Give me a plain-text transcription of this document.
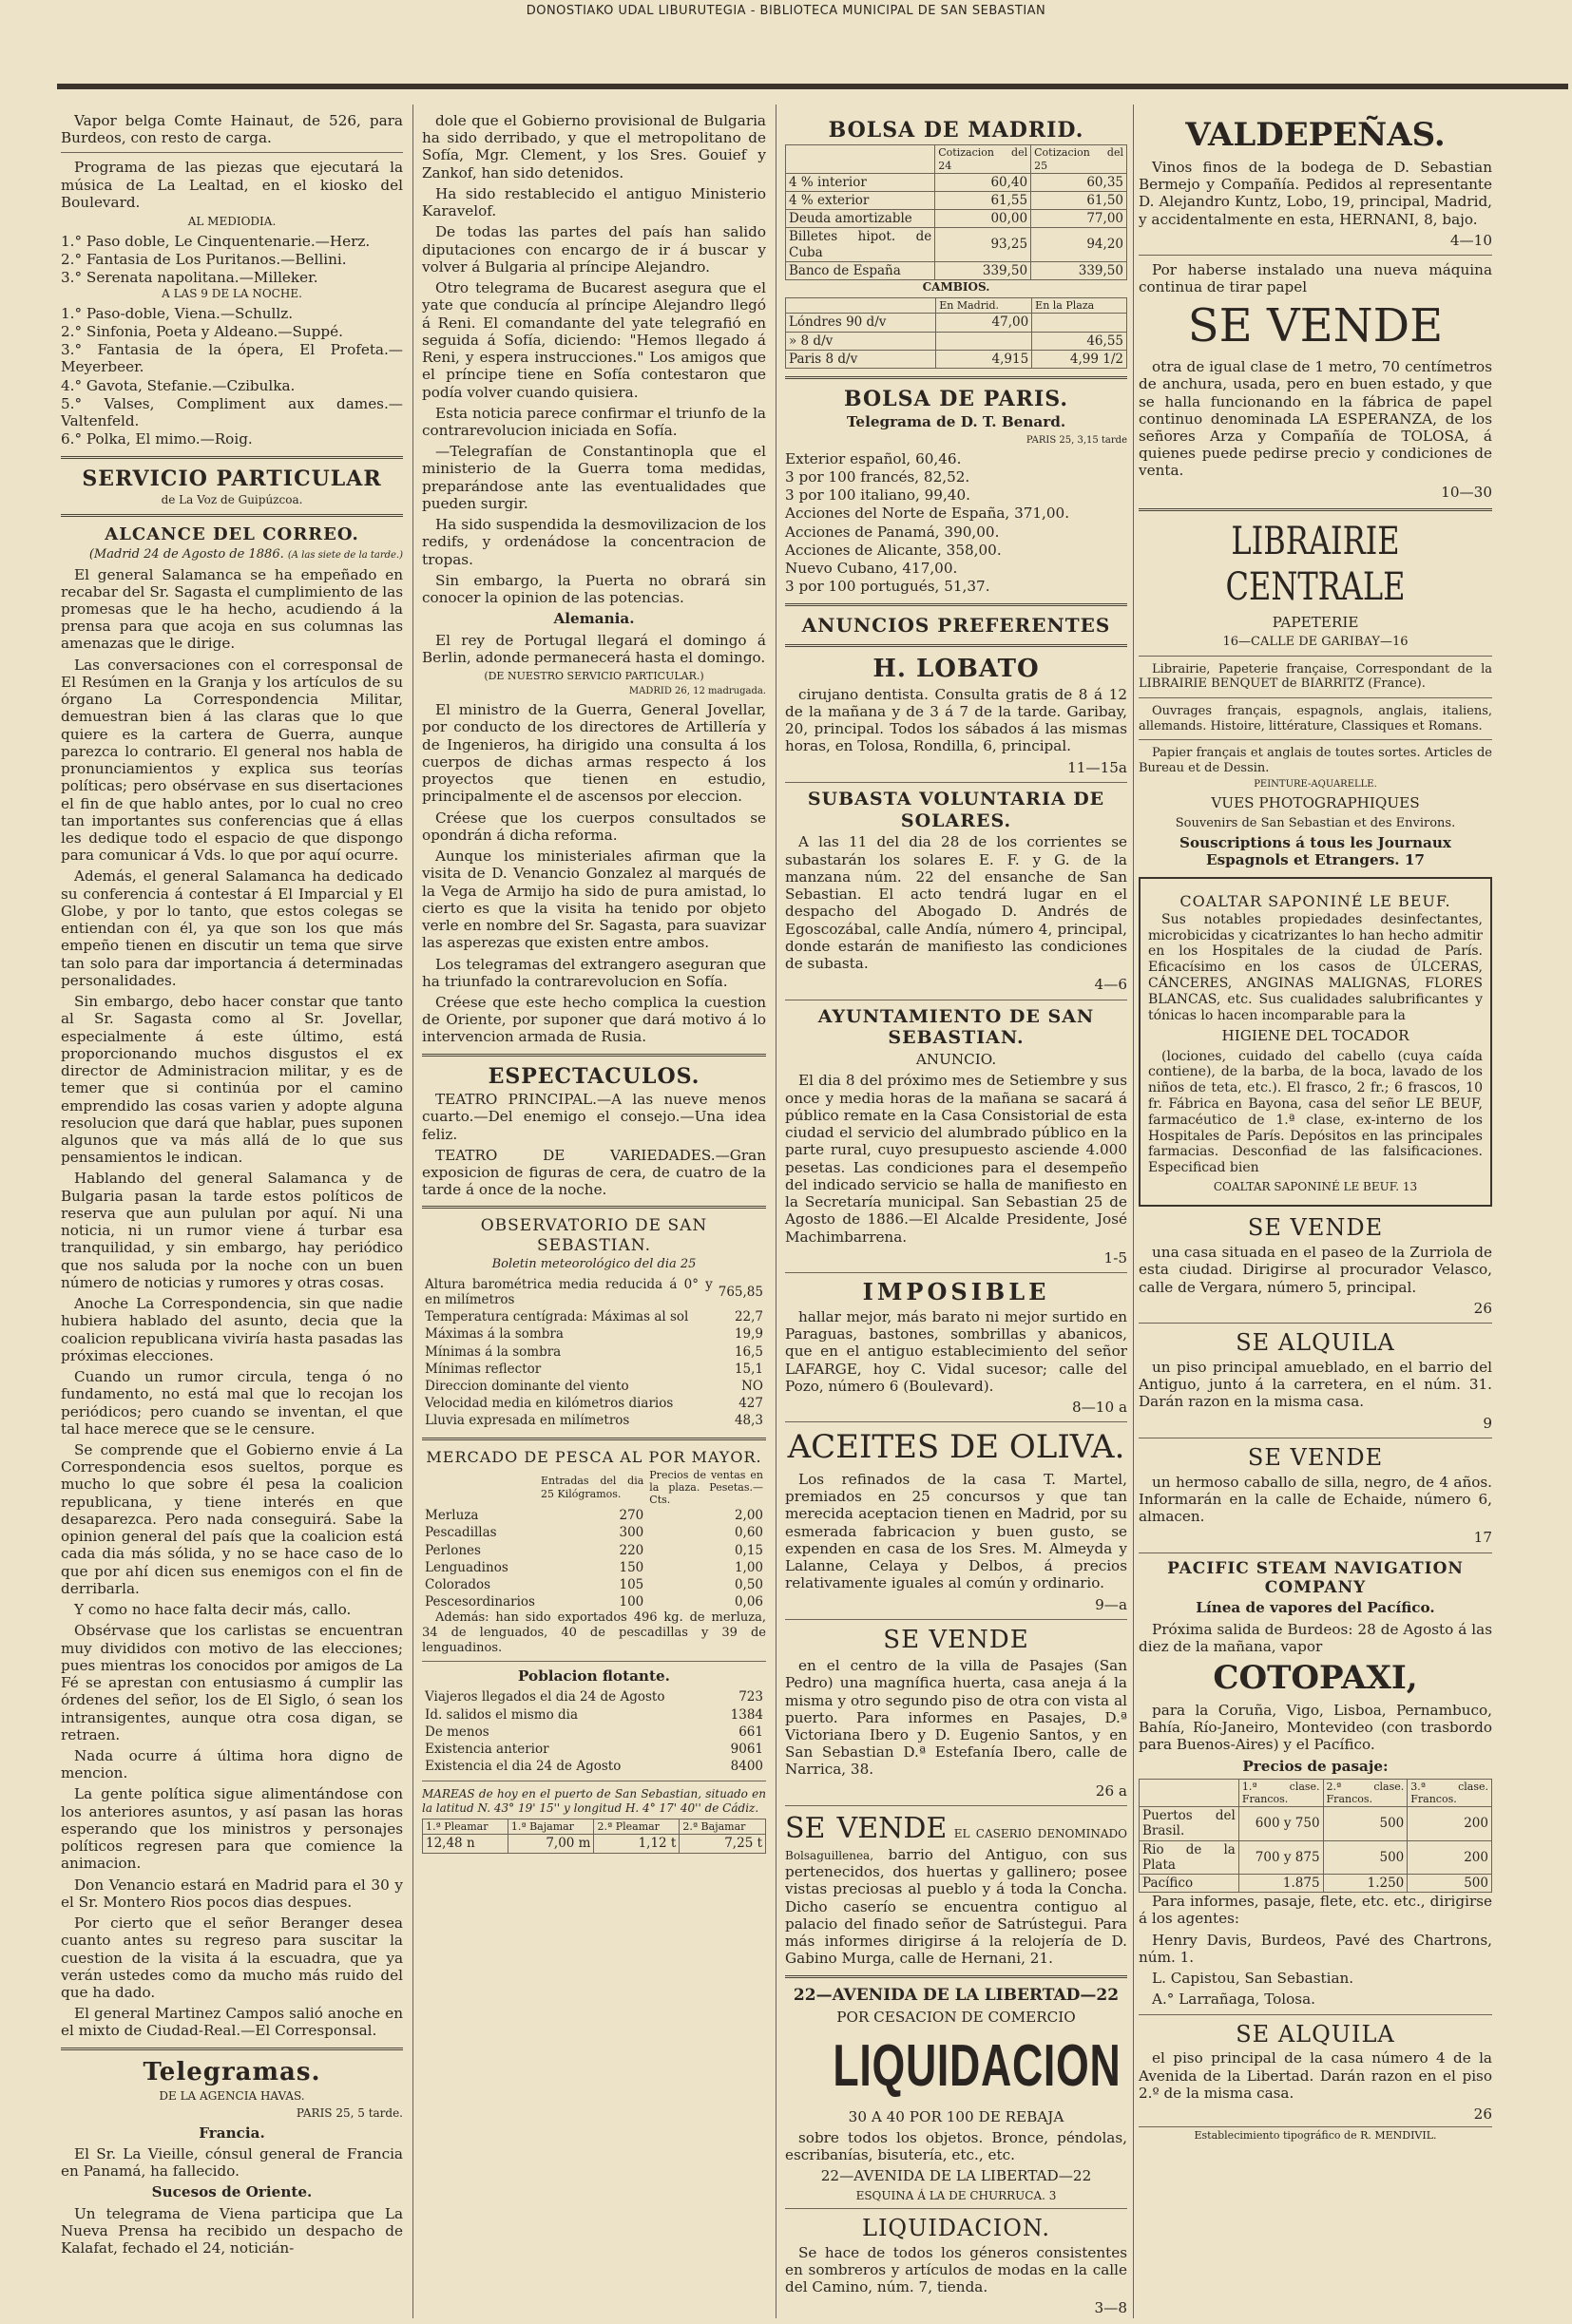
DONOSTIAKO UDAL LIBURUTEGIA - BIBLIOTECA MUNICIPAL DE SAN SEBASTIAN

Vapor belga Comte Hainaut, de 526, para Burdeos, con resto de carga.

Programa de las piezas que ejecutará la música de La Lealtad, en el kiosko del Boulevard.

AL MEDIODIA.

1.° Paso doble, Le Cinquentenarie.—Herz.

2.° Fantasia de Los Puritanos.—Bellini.

3.° Serenata napolitana.—Milleker.

A LAS 9 DE LA NOCHE.

1.° Paso-doble, Viena.—Schullz.

2.° Sinfonia, Poeta y Aldeano.—Suppé.

3.° Fantasia de la ópera, El Profeta.—Meyerbeer.

4.° Gavota, Stefanie.—Czibulka.

5.° Valses, Compliment aux dames.—Valtenfeld.

6.° Polka, El mimo.—Roig.

SERVICIO PARTICULAR
de La Voz de Guipúzcoa.
ALCANCE DEL CORREO.

(Madrid 24 de Agosto de 1886. (A las siete de la tarde.)

El general Salamanca se ha empeñado en recabar del Sr. Sagasta el cumplimiento de las promesas que le ha hecho, acudiendo á la prensa para que acoja en sus columnas las amenazas que le dirige.

Las conversaciones con el corresponsal de El Resúmen en la Granja y los artículos de su órgano La Correspondencia Militar, demuestran bien á las claras que lo que quiere es la cartera de Guerra, aunque parezca lo contrario. El general nos habla de pronunciamientos y explica sus teorías políticas; pero obsérvase en sus disertaciones el fin de que hablo antes, por lo cual no creo tan importantes sus conferencias que á ellas les dedique todo el espacio de que dispongo para comunicar á Vds. lo que por aquí ocurre.

Además, el general Salamanca ha dedicado su conferencia á contestar á El Imparcial y El Globe, y por lo tanto, que estos colegas se entiendan con él, ya que son los que más empeño tienen en discutir un tema que sirve tan solo para dar importancia á determinadas personalidades.

Sin embargo, debo hacer constar que tanto al Sr. Sagasta como al Sr. Jovellar, especialmente á este último, está proporcionando muchos disgustos el ex director de Administracion militar, y es de temer que si continúa por el camino emprendido las cosas varien y adopte alguna resolucion que dará que hablar, pues suponen algunos que va más allá de lo que sus pensamientos le indican.

Hablando del general Salamanca y de Bulgaria pasan la tarde estos políticos de reserva que aun pululan por aquí. Ni una noticia, ni un rumor viene á turbar esa tranquilidad, y sin embargo, hay periódico que nos saluda por la noche con un buen número de noticias y rumores y otras cosas.

Anoche La Correspondencia, sin que nadie hubiera hablado del asunto, decia que la coalicion republicana viviría hasta pasadas las próximas elecciones.

Cuando un rumor circula, tenga ó no fundamento, no está mal que lo recojan los periódicos; pero cuando se inventan, el que tal hace merece que se le censure.

Se comprende que el Gobierno envie á La Correspondencia esos sueltos, porque es mucho lo que sobre él pesa la coalicion republicana, y tiene interés en que desaparezca. Pero nada conseguirá. Sabe la opinion general del país que la coalicion está cada dia más sólida, y no se hace caso de lo que por ahí dicen sus enemigos con el fin de derribarla.

Y como no hace falta decir más, callo.

Obsérvase que los carlistas se encuentran muy divididos con motivo de las elecciones; pues mientras los conocidos por amigos de La Fé se aprestan con entusiasmo á cumplir las órdenes del señor, los de El Siglo, ó sean los intransigentes, aunque otra cosa digan, se retraen.

Nada ocurre á última hora digno de mencion.

La gente política sigue alimentándose con los anteriores asuntos, y así pasan las horas esperando que los ministros y personajes políticos regresen para que comience la animacion.

Don Venancio estará en Madrid para el 30 y el Sr. Montero Rios pocos dias despues.

Por cierto que el señor Beranger desea cuanto antes su regreso para suscitar la cuestion de la visita á la escuadra, que ya verán ustedes como da mucho más ruido del que ha dado.

El general Martinez Campos salió anoche en el mixto de Ciudad-Real.—El Corresponsal.

Telegramas.
DE LA AGENCIA HAVAS.
PARIS 25, 5 tarde.

Francia.

El Sr. La Vieille, cónsul general de Francia en Panamá, ha fallecido.

Sucesos de Oriente.

Un telegrama de Viena participa que La Nueva Prensa ha recibido un despacho de Kalafat, fechado el 24, noticián-

dole que el Gobierno provisional de Bulgaria ha sido derribado, y que el metropolitano de Sofía, Mgr. Clement, y los Sres. Gouief y Zankof, han sido detenidos.

Ha sido restablecido el antiguo Ministerio Karavelof.

De todas las partes del país han salido diputaciones con encargo de ir á buscar y volver á Bulgaria al príncipe Alejandro.

Otro telegrama de Bucarest asegura que el yate que conducía al príncipe Alejandro llegó á Reni. El comandante del yate telegrafió en seguida á Sofía, diciendo: "Hemos llegado á Reni, y espera instrucciones." Los amigos que el príncipe tiene en Sofía contestaron que podía volver cuando quisiera.

Esta noticia parece confirmar el triunfo de la contrarevolucion iniciada en Sofía.

—Telegrafían de Constantinopla que el ministerio de la Guerra toma medidas, preparándose ante las eventualidades que pueden surgir.

Ha sido suspendida la desmovilizacion de los redifs, y ordenádose la concentracion de tropas.

Sin embargo, la Puerta no obrará sin conocer la opinion de las potencias.

Alemania.

El rey de Portugal llegará el domingo á Berlin, adonde permanecerá hasta el domingo.

(DE NUESTRO SERVICIO PARTICULAR.)

MADRID 26, 12 madrugada.

El ministro de la Guerra, General Jovellar, por conducto de los directores de Artillería y de Ingenieros, ha dirigido una consulta á los cuerpos de dichas armas respecto á los proyectos que tienen en estudio, principalmente el de ascensos por eleccion.

Créese que los cuerpos consultados se opondrán á dicha reforma.

Aunque los ministeriales afirman que la visita de D. Venancio Gonzalez al marqués de la Vega de Armijo ha sido de pura amistad, lo cierto es que la visita ha tenido por objeto verle en nombre del Sr. Sagasta, para suavizar las asperezas que existen entre ambos.

Los telegramas del extrangero aseguran que ha triunfado la contrarevolucion en Sofía.

Créese que este hecho complica la cuestion de Oriente, por suponer que dará motivo á lo intervencion armada de Rusia.

ESPECTACULOS.

TEATRO PRINCIPAL.—A las nueve menos cuarto.—Del enemigo el consejo.—Una idea feliz.

TEATRO DE VARIEDADES.—Gran exposicion de figuras de cera, de cuatro de la tarde á once de la noche.

OBSERVATORIO DE SAN SEBASTIAN.

Boletin meteorológico del dia 25

Altura barométrica media reducida á 0° y en milímetros	765,85
Temperatura centígrada: Máximas al sol	22,7
Máximas á la sombra	19,9
Mínimas á la sombra	16,5
Mínimas reflector	15,1
Direccion dominante del viento	NO
Velocidad media en kilómetros diarios	427
Lluvia expresada en milímetros	48,3
MERCADO DE PESCA AL POR MAYOR.
	Entradas del dia 25 Kilógramos.	Precios de ventas en la plaza. Pesetas.—Cts.
Merluza	270	2,00
Pescadillas	300	0,60
Perlones	220	0,15
Lenguadinos	150	1,00
Colorados	105	0,50
Pescesordinarios	100	0,06

Además: han sido exportados 496 kg. de merluza, 34 de lenguados, 40 de pescadillas y 39 de lenguadinos.

Poblacion flotante.

Viajeros llegados el dia 24 de Agosto	723
Id. salidos el mismo dia	1384
De menos	661
Existencia anterior	9061
Existencia el dia 24 de Agosto	8400

MAREAS de hoy en el puerto de San Sebastian, situado en la latitud N. 43° 19' 15'' y longitud H. 4° 17' 40'' de Cádiz.

1.ª Pleamar	1.ª Bajamar	2.ª Pleamar	2.ª Bajamar
12,48 n	7,00 m	1,12 t	7,25 t
BOLSA DE MADRID.
	Cotizacion del 24	Cotizacion del 25
4 % interior	60,40	60,35
4 % exterior	61,55	61,50
Deuda amortizable	00,00	77,00
Billetes hipot. de Cuba	93,25	94,20
Banco de España	339,50	339,50

CAMBIOS.

	En Madrid.	En la Plaza
Lóndres 90 d/v	47,00	
» 8 d/v		46,55
Paris 8 d/v	4,915	4,99 1/2
BOLSA DE PARIS.

Telegrama de D. T. Benard.

PARIS 25, 3,15 tarde

Exterior español, 60,46.

3 por 100 francés, 82,52.

3 por 100 italiano, 99,40.

Acciones del Norte de España, 371,00.

Acciones de Panamá, 390,00.

Acciones de Alicante, 358,00.

Nuevo Cubano, 417,00.

3 por 100 portugués, 51,37.

ANUNCIOS PREFERENTES
H. LOBATO

cirujano dentista. Consulta gratis de 8 á 12 de la mañana y de 3 á 7 de la tarde. Garibay, 20, principal. Todos los sábados á las mismas horas, en Tolosa, Rondilla, 6, principal.

11—15a

SUBASTA VOLUNTARIA DE SOLARES.

A las 11 del dia 28 de los corrientes se subastarán los solares E. F. y G. de la manzana núm. 22 del ensanche de San Sebastian. El acto tendrá lugar en el despacho del Abogado D. Andrés de Egoscozábal, calle Andía, número 4, principal, donde estarán de manifiesto las condiciones de subasta.

4—6

AYUNTAMIENTO DE SAN SEBASTIAN.

ANUNCIO.

El dia 8 del próximo mes de Setiembre y sus once y media horas de la mañana se sacará á público remate en la Casa Consistorial de esta ciudad el servicio del alumbrado público en la parte rural, cuyo presupuesto asciende 4.000 pesetas. Las condiciones para el desempeño del indicado servicio se halla de manifiesto en la Secretaría municipal. San Sebastian 25 de Agosto de 1886.—El Alcalde Presidente, José Machimbarrena.

1-5

IMPOSIBLE

hallar mejor, más barato ni mejor surtido en Paraguas, bastones, sombrillas y abanicos, que en el antiguo establecimiento del señor LAFARGE, hoy C. Vidal sucesor; calle del Pozo, número 6 (Boulevard).

8—10 a

ACEITES DE OLIVA.

Los refinados de la casa T. Martel, premiados en 25 concursos y que tan merecida aceptacion tienen en Madrid, por su esmerada fabricacion y buen gusto, se expenden en casa de los Sres. M. Almeyda y Lalanne, Celaya y Delbos, á precios relativamente iguales al común y ordinario.

9—a

SE VENDE

en el centro de la villa de Pasajes (San Pedro) una magnífica huerta, casa aneja á la misma y otro segundo piso de otra con vista al puerto. Para informes en Pasajes, D.ª Victoriana Ibero y D. Eugenio Santos, y en San Sebastian D.ª Estefanía Ibero, calle de Narrica, 38.

26 a

SE VENDE EL CASERIO DENOMINADO Bolsaguillenea, barrio del Antiguo, con sus pertenecidos, dos huertas y gallinero; posee vistas preciosas al pueblo y á toda la Concha. Dicho caserío se encuentra contiguo al palacio del finado señor de Satrústegui. Para más informes dirigirse á la relojería de D. Gabino Murga, calle de Hernani, 21.

22—AVENIDA DE LA LIBERTAD—22

POR CESACION DE COMERCIO

LIQUIDACION

30 A 40 POR 100 DE REBAJA

sobre todos los objetos. Bronce, péndolas, escribanías, bisutería, etc., etc.

22—AVENIDA DE LA LIBERTAD—22

ESQUINA Á LA DE CHURRUCA. 3

LIQUIDACION.

Se hace de todos los géneros consistentes en sombreros y artículos de modas en la calle del Camino, núm. 7, tienda.

3—8

VALDEPEÑAS.

Vinos finos de la bodega de D. Sebastian Bermejo y Compañía. Pedidos al representante D. Alejandro Kuntz, Lobo, 19, principal, Madrid, y accidentalmente en esta, HERNANI, 8, bajo.

4—10

Por haberse instalado una nueva máquina continua de tirar papel

SE VENDE

otra de igual clase de 1 metro, 70 centímetros de anchura, usada, pero en buen estado, y que se halla funcionando en la fábrica de papel continuo denominada LA ESPERANZA, de los señores Arza y Compañía de TOLOSA, á quienes puede pedirse precio y condiciones de venta.

10—30

LIBRAIRIE CENTRALE

PAPETERIE

16—CALLE DE GARIBAY—16

Librairie, Papeterie française, Correspondant de la LIBRAIRIE BENQUET de BIARRITZ (France).

Ouvrages français, espagnols, anglais, italiens, allemands. Histoire, littérature, Classiques et Romans.

Papier français et anglais de toutes sortes. Articles de Bureau et de Dessin.

PEINTURE-AQUARELLE.

VUES PHOTOGRAPHIQUES

Souvenirs de San Sebastian et des Environs.

Souscriptions á tous les Journaux Espagnols et Etrangers. 17

COALTAR SAPONINÉ LE BEUF.

Sus notables propiedades desinfectantes, microbicidas y cicatrizantes lo han hecho admitir en los Hospitales de la ciudad de París. Eficacísimo en los casos de ÚLCERAS, CÁNCERES, ANGINAS MALIGNAS, FLORES BLANCAS, etc. Sus cualidades salubrificantes y tónicas lo hacen incomparable para la

HIGIENE DEL TOCADOR

(lociones, cuidado del cabello (cuya caída contiene), de la barba, de la boca, lavado de los niños de teta, etc.). El frasco, 2 fr.; 6 frascos, 10 fr. Fábrica en Bayona, casa del señor LE BEUF, farmacéutico de 1.ª clase, ex-interno de los Hospitales de París. Depósitos en las principales farmacias. Desconfiad de las falsificaciones. Especificad bien

COALTAR SAPONINÉ LE BEUF. 13

SE VENDE

una casa situada en el paseo de la Zurriola de esta ciudad. Dirigirse al procurador Velasco, calle de Vergara, número 5, principal.

26

SE ALQUILA

un piso principal amueblado, en el barrio del Antiguo, junto á la carretera, en el núm. 31. Darán razon en la misma casa.

9

SE VENDE

un hermoso caballo de silla, negro, de 4 años. Informarán en la calle de Echaide, número 6, almacen.

17

PACIFIC STEAM NAVIGATION COMPANY

Línea de vapores del Pacífico.

Próxima salida de Burdeos: 28 de Agosto á las diez de la mañana, vapor

COTOPAXI,

para la Coruña, Vigo, Lisboa, Pernambuco, Bahía, Río-Janeiro, Montevideo (con trasbordo para Buenos-Aires) y el Pacífico.

Precios de pasaje:

	1.ª clase. Francos.	2.ª clase. Francos.	3.ª clase. Francos.
Puertos del Brasil.	600 y 750	500	200
Rio de la Plata	700 y 875	500	200
Pacífico	1.875	1.250	500

Para informes, pasaje, flete, etc. etc., dirigirse á los agentes:

Henry Davis, Burdeos, Pavé des Chartrons, núm. 1.

L. Capistou, San Sebastian.

A.° Larrañaga, Tolosa.

SE ALQUILA

el piso principal de la casa número 4 de la Avenida de la Libertad. Darán razon en el piso 2.º de la misma casa.

26

Establecimiento tipográfico de R. MENDIVIL.
